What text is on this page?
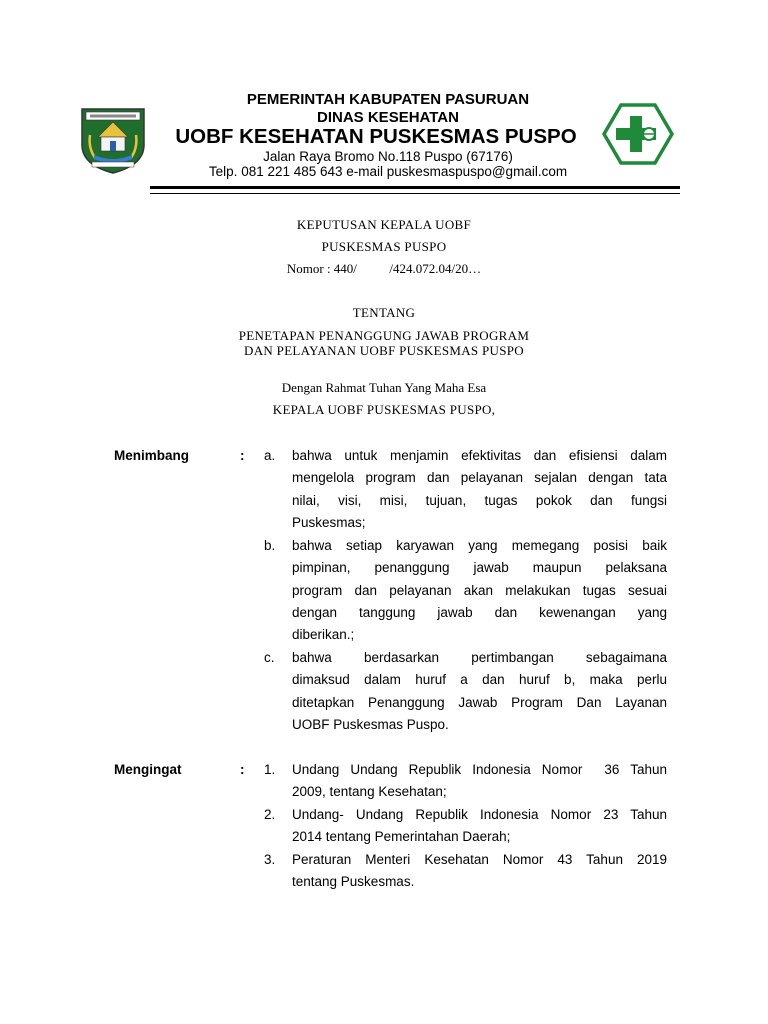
PEMERINTAH KABUPATEN PASURUAN
DINAS KESEHATAN
UOBF KESEHATAN PUSKESMAS PUSPO
Jalan Raya Bromo No.118 Puspo (67176)
Telp. 081 221 485 643 e-mail puskesmaspuspo@gmail.com
KEPUTUSAN KEPALA UOBF
PUSKESMAS PUSPO
Nomor : 440/          /424.072.04/20…
TENTANG
PENETAPAN PENANGGUNG JAWAB PROGRAM
DAN PELAYANAN UOBF PUSKESMAS PUSPO
Dengan Rahmat Tuhan Yang Maha Esa
KEPALA UOBF PUSKESMAS PUSPO,
Menimbang	: a. bahwa untuk menjamin efektivitas dan efisiensi dalam
mengelola program dan pelayanan sejalan dengan tata
nilai, visi, misi, tujuan, tugas pokok dan fungsi
Puskesmas;
b. bahwa setiap karyawan yang memegang posisi baik
pimpinan, penanggung jawab maupun pelaksana
program dan pelayanan akan melakukan tugas sesuai
dengan tanggung jawab dan kewenangan yang
diberikan.;
c. bahwa berdasarkan pertimbangan sebagaimana
dimaksud dalam huruf a dan huruf b, maka perlu
ditetapkan Penanggung Jawab Program Dan Layanan
UOBF Puskesmas Puspo.
Mengingat	: 1. Undang Undang Republik Indonesia Nomor  36 Tahun
2009, tentang Kesehatan;
2. Undang- Undang Republik Indonesia Nomor 23 Tahun
2014 tentang Pemerintahan Daerah;
3. Peraturan Menteri Kesehatan Nomor 43 Tahun 2019
tentang Puskesmas.
